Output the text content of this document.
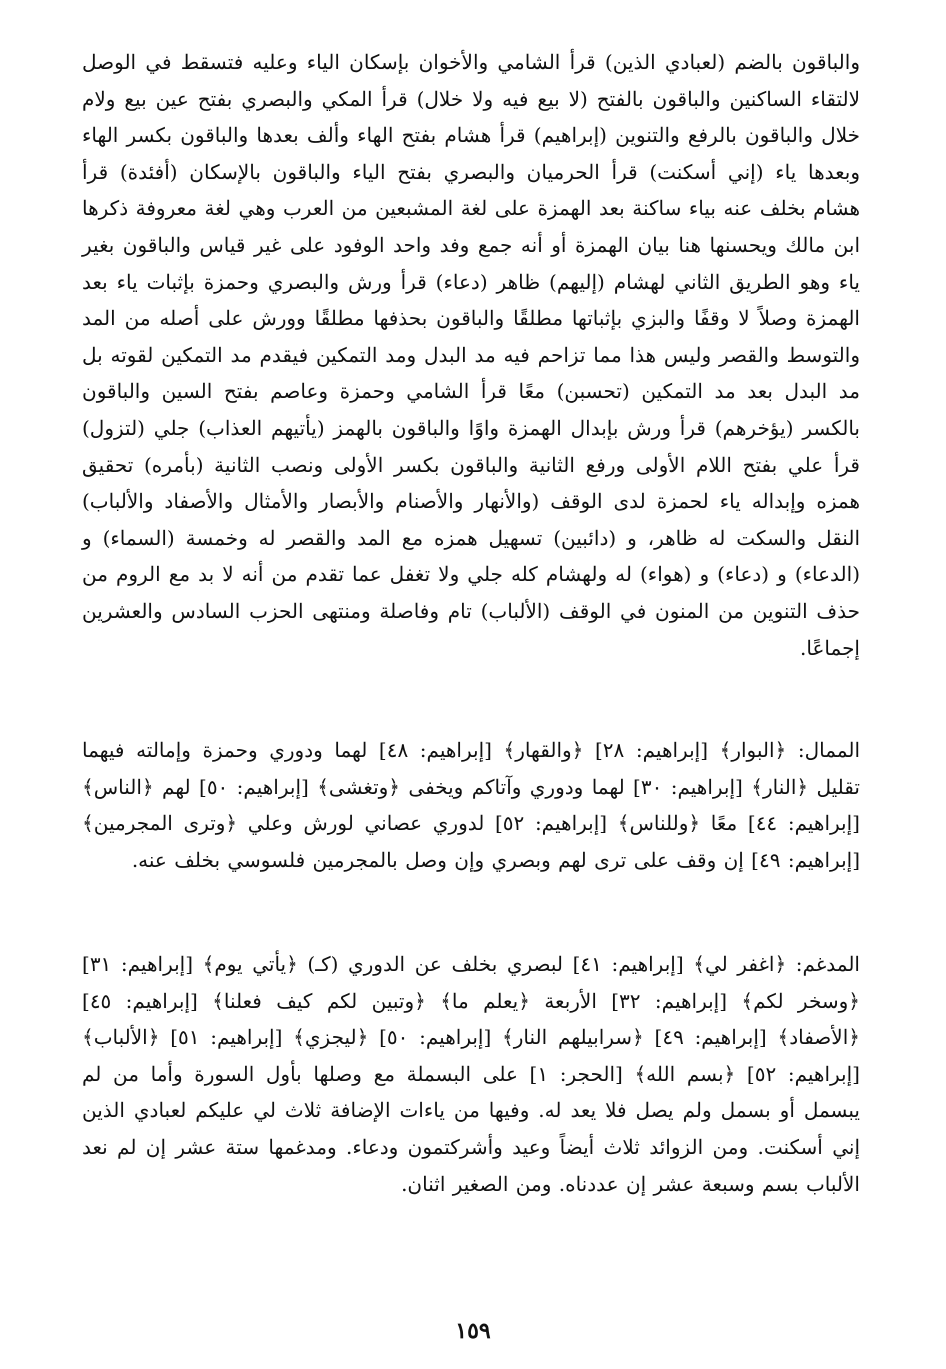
والباقون بالضم (لعبادي الذين) قرأ الشامي والأخوان بإسكان الياء وعليه فتسقط في الوصل لالتقاء الساكنين والباقون بالفتح (لا بيع فيه ولا خلال) قرأ المكي والبصري بفتح عين بيع ولام خلال والباقون بالرفع والتنوين (إبراهيم) قرأ هشام بفتح الهاء وألف بعدها والباقون بكسر الهاء وبعدها ياء (إني أسكنت) قرأ الحرميان والبصري بفتح الياء والباقون بالإسكان (أفئدة) قرأ هشام بخلف عنه بياء ساكنة بعد الهمزة على لغة المشبعين من العرب وهي لغة معروفة ذكرها ابن مالك ويحسنها هنا بيان الهمزة أو أنه جمع وفد واحد الوفود على غير قياس والباقون بغير ياء وهو الطريق الثاني لهشام (إليهم) ظاهر (دعاء) قرأ ورش والبصري وحمزة بإثبات ياء بعد الهمزة وصلاً لا وقفًا والبزي بإثباتها مطلقًا والباقون بحذفها مطلقًا وورش على أصله من المد والتوسط والقصر وليس هذا مما تزاحم فيه مد البدل ومد التمكين فيقدم مد التمكين لقوته بل مد البدل بعد مد التمكين (تحسبن) معًا قرأ الشامي وحمزة وعاصم بفتح السين والباقون بالكسر (يؤخرهم) قرأ ورش بإبدال الهمزة واوًا والباقون بالهمز (يأتيهم العذاب) جلي (لتزول) قرأ علي بفتح اللام الأولى ورفع الثانية والباقون بكسر الأولى ونصب الثانية (بأمره) تحقيق همزه وإبداله ياء لحمزة لدى الوقف (والأنهار والأصنام والأبصار والأمثال والأصفاد والألباب) النقل والسكت له ظاهر، و (دائبين) تسهيل همزه مع المد والقصر له وخمسة (السماء) و (الدعاء) و (دعاء) و (هواء) له ولهشام كله جلي ولا تغفل عما تقدم من أنه لا بد مع الروم من حذف التنوين من المنون في الوقف (الألباب) تام وفاصلة ومنتهى الحزب السادس والعشرين إجماعًا.

الممال: ﴿البوار﴾ [إبراهيم: ٢٨] ﴿والقهار﴾ [إبراهيم: ٤٨] لهما ودوري وحمزة وإمالته فيهما تقليل ﴿النار﴾ [إبراهيم: ٣٠] لهما ودوري وآتاكم ويخفى ﴿وتغشى﴾ [إبراهيم: ٥٠] لهم ﴿الناس﴾ [إبراهيم: ٤٤] معًا ﴿وللناس﴾ [إبراهيم: ٥٢] لدوري عصاني لورش وعلي ﴿وترى المجرمين﴾ [إبراهيم: ٤٩] إن وقف على ترى لهم وبصري وإن وصل بالمجرمين فلسوسي بخلف عنه.

المدغم: ﴿اغفر لي﴾ [إبراهيم: ٤١] لبصري بخلف عن الدوري (كـ) ﴿يأتي يوم﴾ [إبراهيم: ٣١] ﴿وسخر لكم﴾ [إبراهيم: ٣٢] الأربعة ﴿يعلم ما﴾ ﴿وتبين لكم كيف فعلنا﴾ [إبراهيم: ٤٥] ﴿الأصفاد﴾ [إبراهيم: ٤٩] ﴿سرابيلهم النار﴾ [إبراهيم: ٥٠] ﴿ليجزي﴾ [إبراهيم: ٥١] ﴿الألباب﴾ [إبراهيم: ٥٢] ﴿بسم الله﴾ [الحجر: ١] على البسملة مع وصلها بأول السورة وأما من لم يبسمل أو بسمل ولم يصل فلا يعد له. وفيها من ياءات الإضافة ثلاث لي عليكم لعبادي الذين إني أسكنت. ومن الزوائد ثلاث أيضاً وعيد وأشركتمون ودعاء. ومدغمها ستة عشر إن لم نعد الألباب بسم وسبعة عشر إن عددناه. ومن الصغير اثنان.

١٥٩
